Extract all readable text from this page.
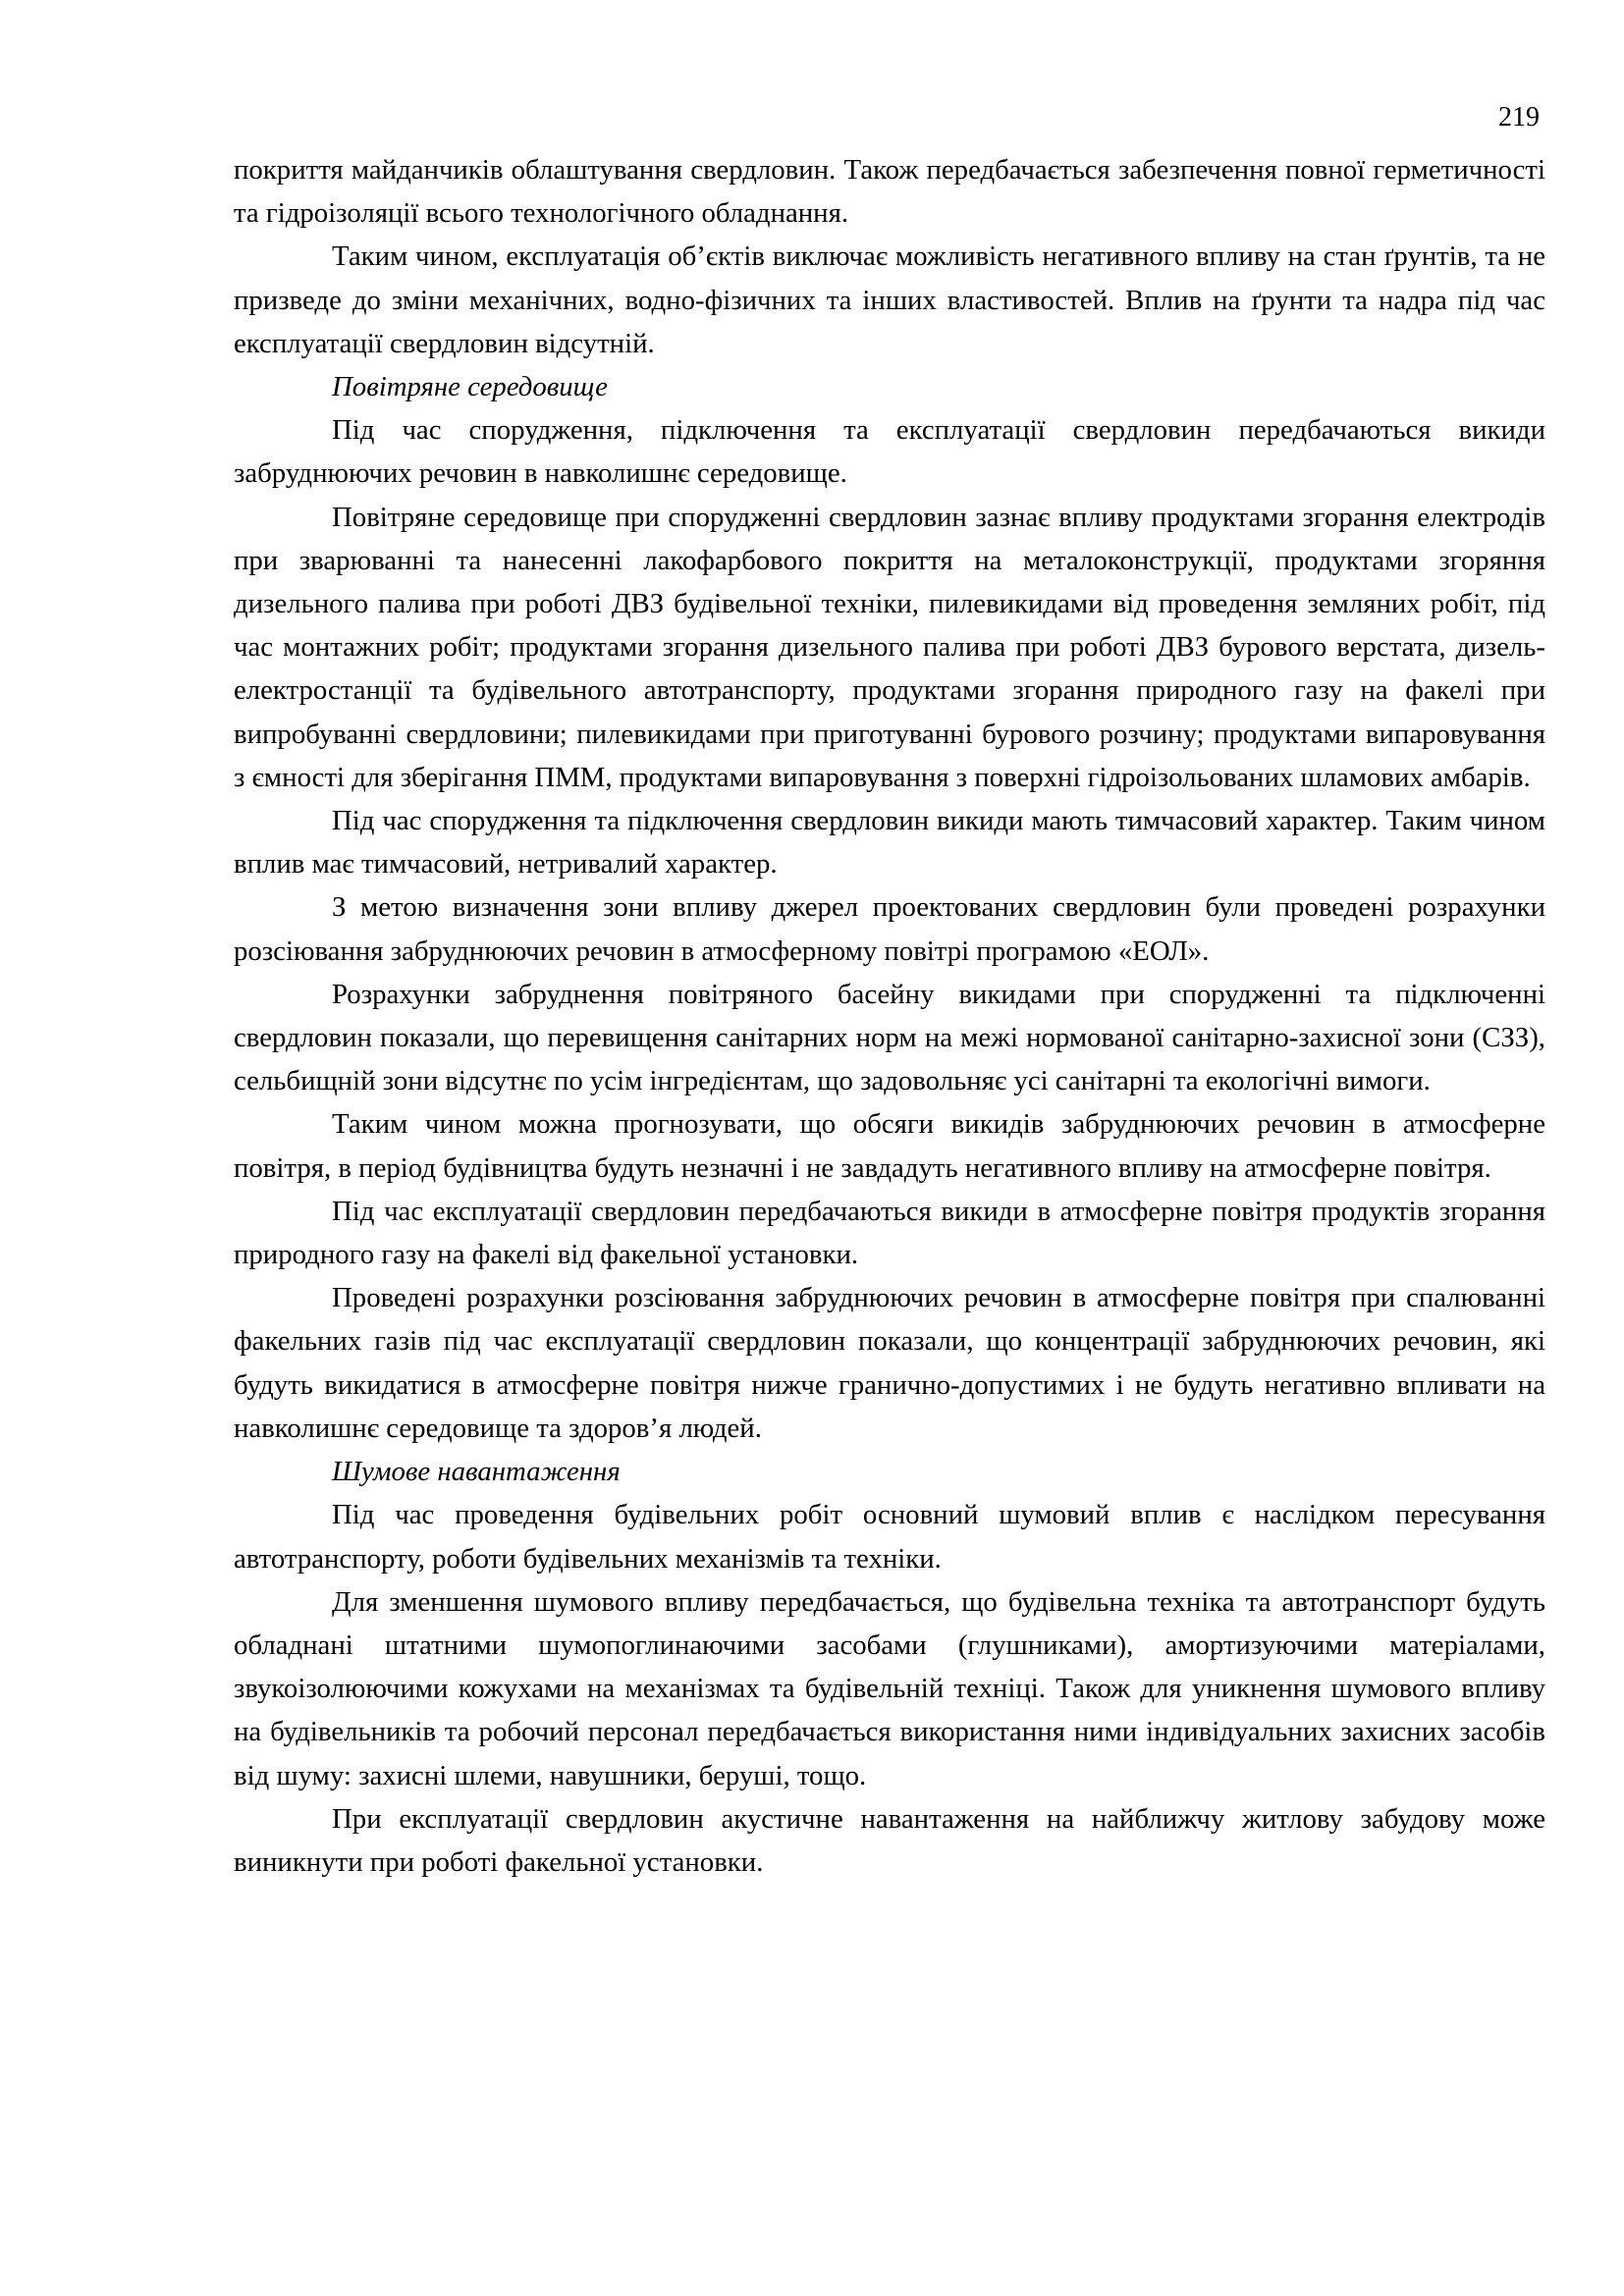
219

покриття майданчиків облаштування свердловин. Також передбачається забезпечення повної герметичності та гідроізоляції всього технологічного обладнання.

Таким чином, експлуатація об’єктів виключає можливість негативного впливу на стан ґрунтів, та не призведе до зміни механічних, водно-фізичних та інших властивостей. Вплив на ґрунти та надра під час експлуатації свердловин відсутній.

Повітряне середовище

Під час спорудження, підключення та експлуатації свердловин передбачаються викиди забруднюючих речовин в навколишнє середовище.

Повітряне середовище при спорудженні свердловин зазнає впливу продуктами згорання електродів при зварюванні та нанесенні лакофарбового покриття на металоконструкції, продуктами згоряння дизельного палива при роботі ДВЗ будівельної техніки, пилевикидами від проведення земляних робіт, під час монтажних робіт; продуктами згорання дизельного палива при роботі ДВЗ бурового верстата, дизель-електростанції та будівельного автотранспорту, продуктами згорання природного газу на факелі при випробуванні свердловини; пилевикидами при приготуванні бурового розчину; продуктами випаровування з ємності для зберігання ПММ, продуктами випаровування з поверхні гідроізольованих шламових амбарів.

Під час спорудження та підключення свердловин викиди мають тимчасовий характер. Таким чином вплив має тимчасовий, нетривалий характер.

З метою визначення зони впливу джерел проектованих свердловин були проведені розрахунки розсіювання забруднюючих речовин в атмосферному повітрі програмою «ЕОЛ».

Розрахунки забруднення повітряного басейну викидами при спорудженні та підключенні свердловин показали, що перевищення санітарних норм на межі нормованої санітарно-захисної зони (СЗЗ), сельбищній зони відсутнє по усім інгредієнтам, що задовольняє усі санітарні та екологічні вимоги.

Таким чином можна прогнозувати, що обсяги викидів забруднюючих речовин в атмосферне повітря, в період будівництва будуть незначні і не завдадуть негативного впливу на атмосферне повітря.

Під час експлуатації свердловин передбачаються викиди в атмосферне повітря продуктів згорання природного газу на факелі від факельної установки.

Проведені розрахунки розсіювання забруднюючих речовин в атмосферне повітря при спалюванні факельних газів під час експлуатації свердловин показали, що концентрації забруднюючих речовин, які будуть викидатися в атмосферне повітря нижче гранично-допустимих і не будуть негативно впливати на навколишнє середовище та здоров’я людей.

Шумове навантаження

Під час проведення будівельних робіт основний шумовий вплив є наслідком пересування автотранспорту, роботи будівельних механізмів та техніки.

Для зменшення шумового впливу передбачається, що будівельна техніка та автотранспорт будуть обладнані штатними шумопоглинаючими засобами (глушниками), амортизуючими матеріалами, звукоізолюючими кожухами на механізмах та будівельній техніці. Також для уникнення шумового впливу на будівельників та робочий персонал передбачається використання ними індивідуальних захисних засобів від шуму: захисні шлеми, навушники, беруші, тощо.

При експлуатації свердловин акустичне навантаження на найближчу житлову забудову може виникнути при роботі факельної установки.
